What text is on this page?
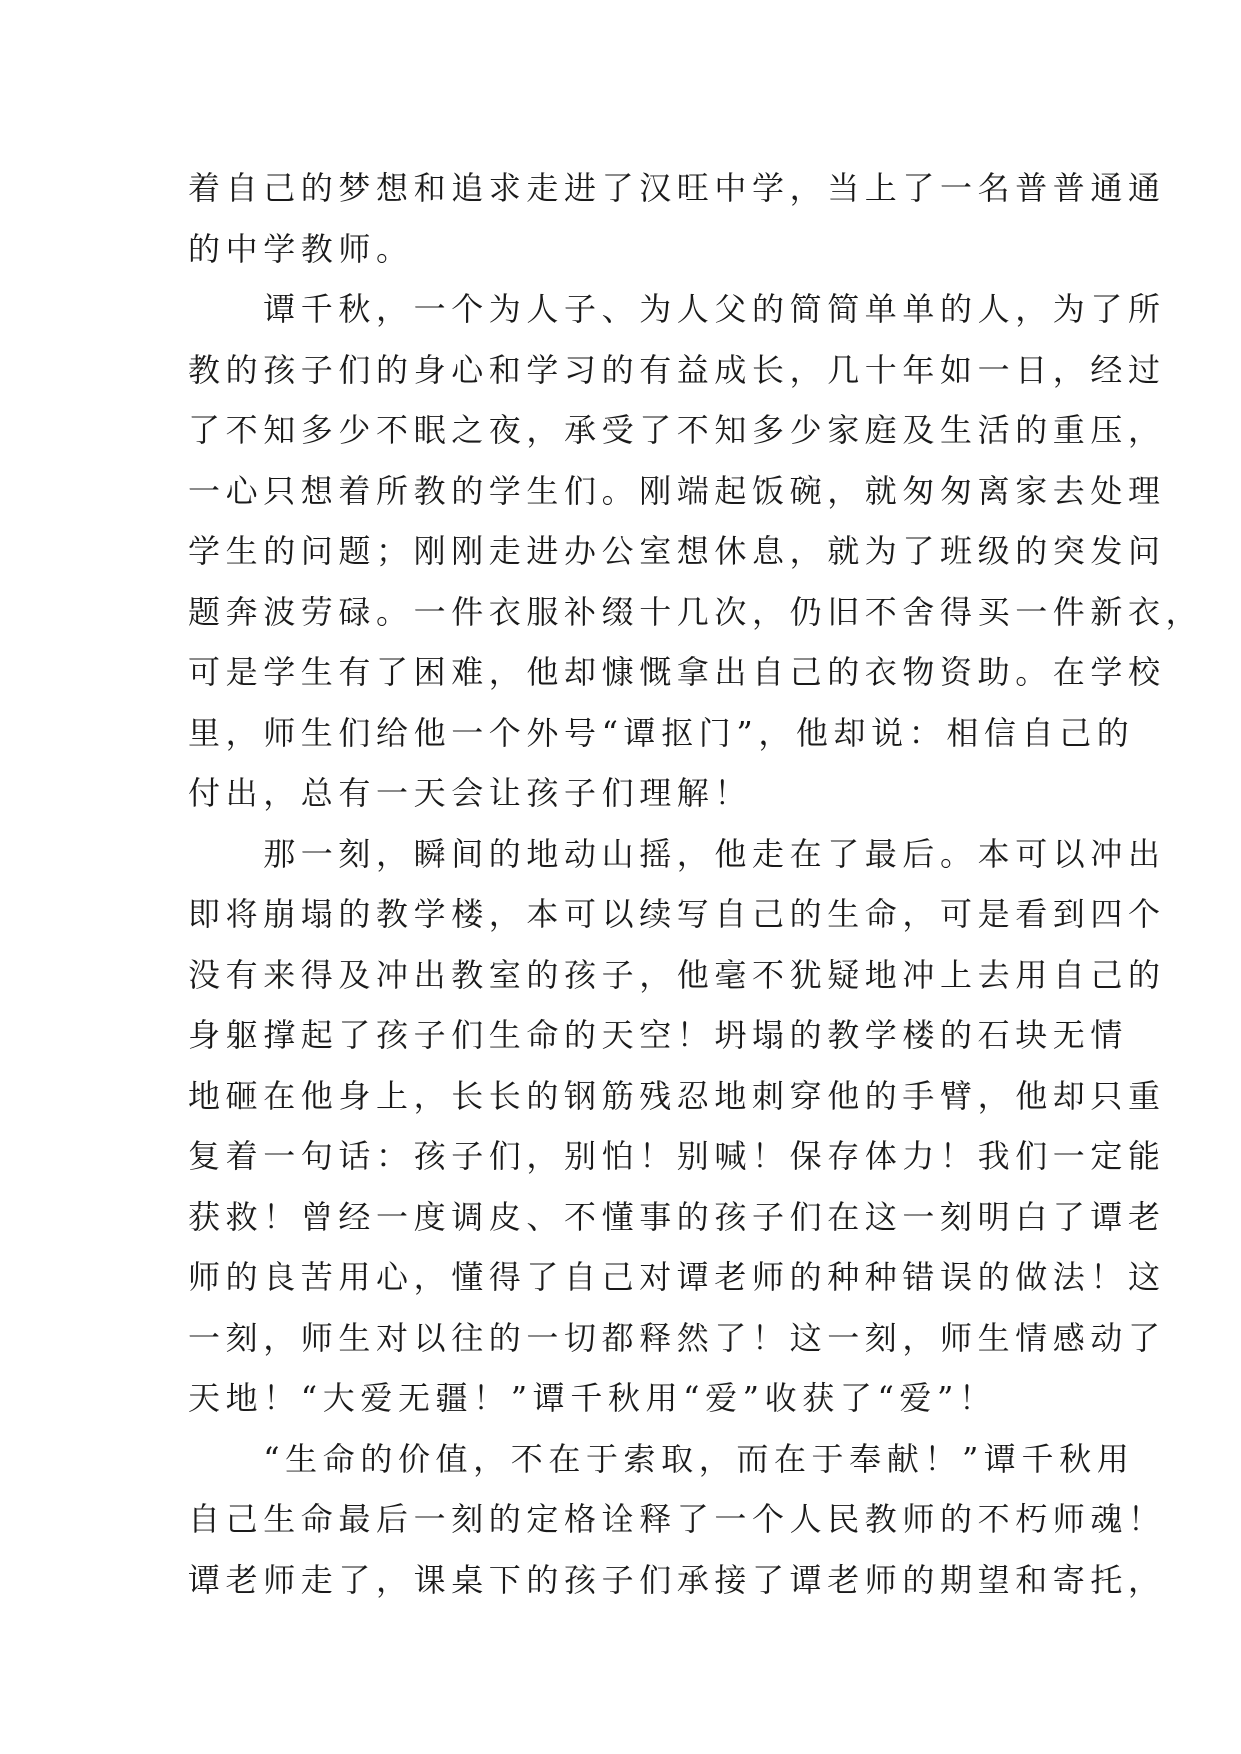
着自己的梦想和追求走进了汉旺中学，当上了一名普普通通
的中学教师。
　　谭千秋，一个为人子、为人父的简简单单的人，为了所
教的孩子们的身心和学习的有益成长，几十年如一日，经过
了不知多少不眠之夜，承受了不知多少家庭及生活的重压，
一心只想着所教的学生们。刚端起饭碗，就匆匆离家去处理
学生的问题；刚刚走进办公室想休息，就为了班级的突发问
题奔波劳碌。一件衣服补缀十几次，仍旧不舍得买一件新衣，
可是学生有了困难，他却慷慨拿出自己的衣物资助。在学校
里，师生们给他一个外号“谭抠门”，他却说：相信自己的
付出，总有一天会让孩子们理解！
　　那一刻，瞬间的地动山摇，他走在了最后。本可以冲出
即将崩塌的教学楼，本可以续写自己的生命，可是看到四个
没有来得及冲出教室的孩子，他毫不犹疑地冲上去用自己的
身躯撑起了孩子们生命的天空！坍塌的教学楼的石块无情
地砸在他身上，长长的钢筋残忍地刺穿他的手臂，他却只重
复着一句话：孩子们，别怕！别喊！保存体力！我们一定能
获救！曾经一度调皮、不懂事的孩子们在这一刻明白了谭老
师的良苦用心，懂得了自己对谭老师的种种错误的做法！这
一刻，师生对以往的一切都释然了！这一刻，师生情感动了
天地！“大爱无疆！”谭千秋用“爱”收获了“爱”！
　　“生命的价值，不在于索取，而在于奉献！”谭千秋用
自己生命最后一刻的定格诠释了一个人民教师的不朽师魂！
谭老师走了，课桌下的孩子们承接了谭老师的期望和寄托，
